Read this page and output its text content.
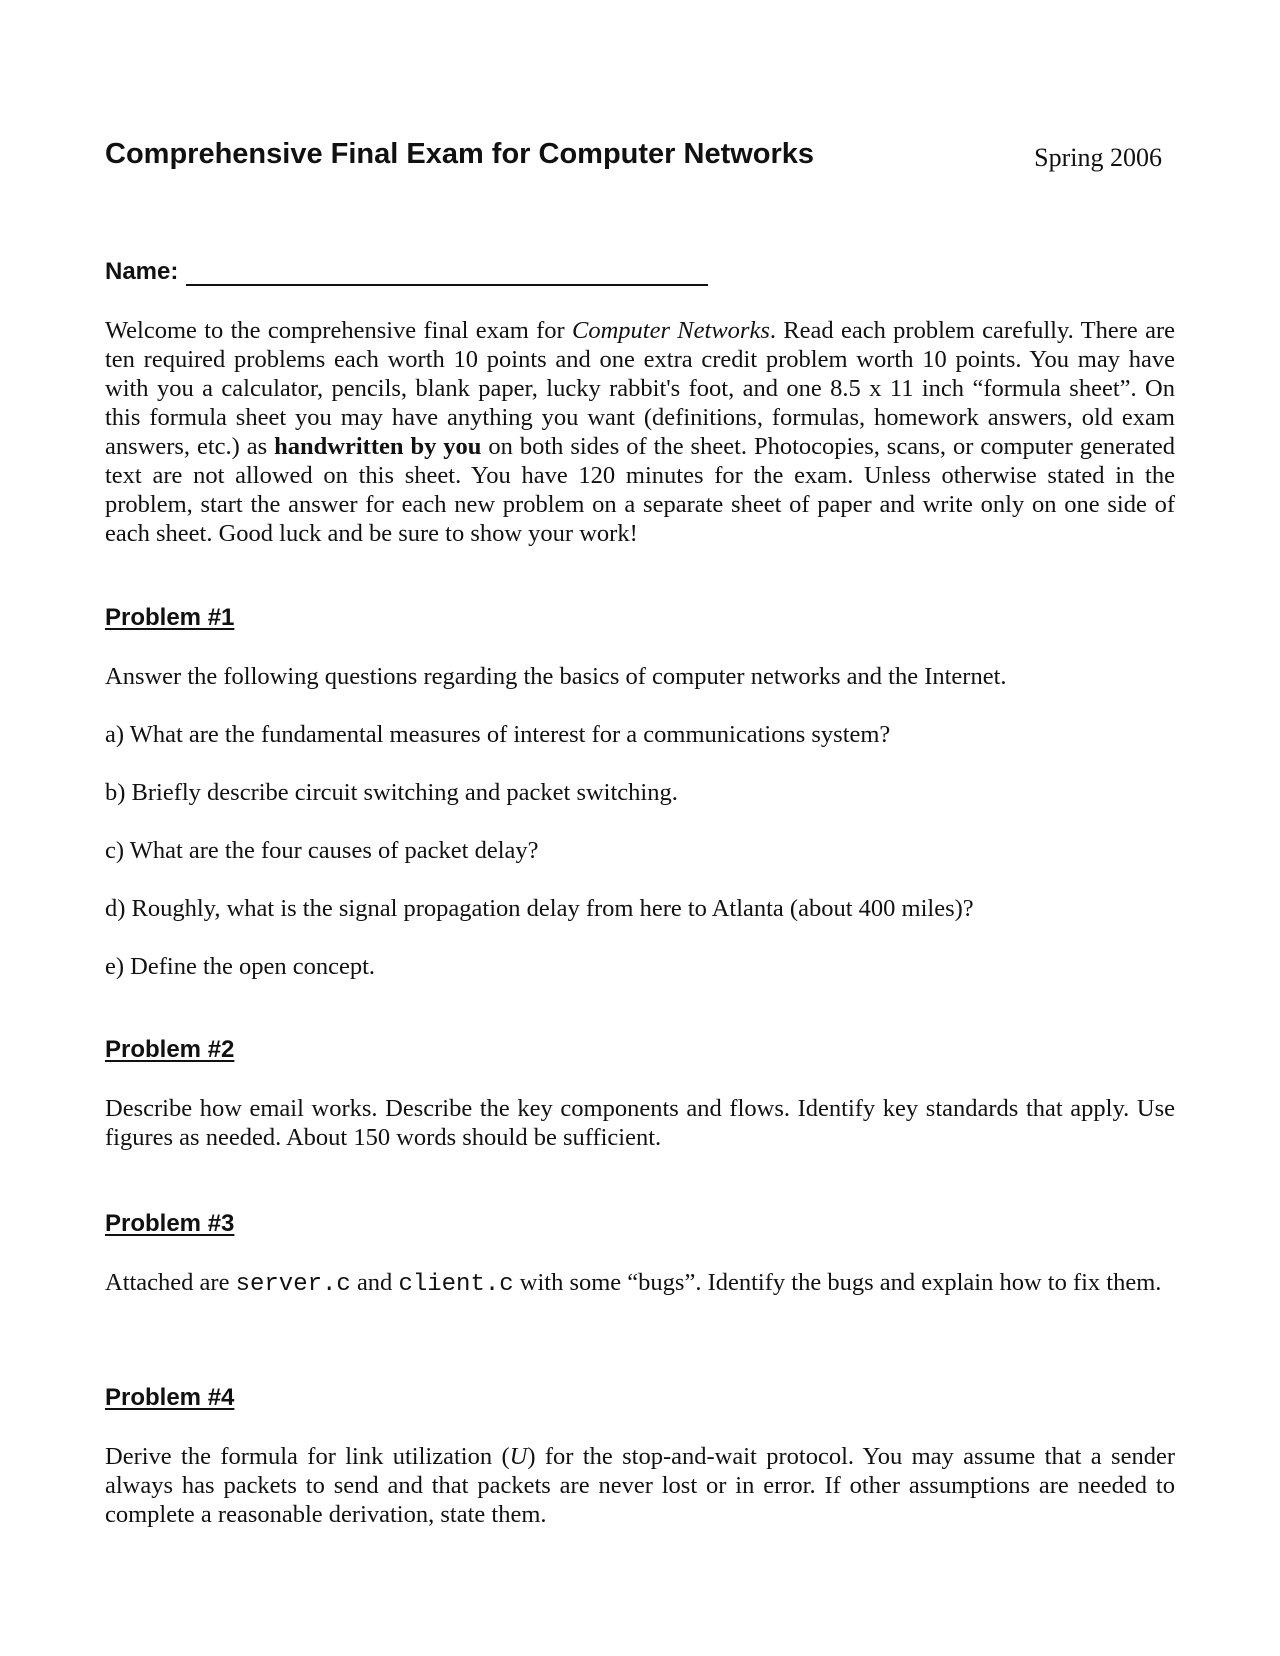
Comprehensive Final Exam for Computer Networks	Spring 2006
Name:
Welcome to the comprehensive final exam for Computer Networks. Read each problem carefully. There are ten required problems each worth 10 points and one extra credit problem worth 10 points. You may have with you a calculator, pencils, blank paper, lucky rabbit's foot, and one 8.5 x 11 inch “formula sheet”. On this formula sheet you may have anything you want (definitions, formulas, homework answers, old exam answers, etc.) as handwritten by you on both sides of the sheet. Photocopies, scans, or computer generated text are not allowed on this sheet. You have 120 minutes for the exam. Unless otherwise stated in the problem, start the answer for each new problem on a separate sheet of paper and write only on one side of each sheet. Good luck and be sure to show your work!
Problem #1
Answer the following questions regarding the basics of computer networks and the Internet.
a) What are the fundamental measures of interest for a communications system?
b) Briefly describe circuit switching and packet switching.
c) What are the four causes of packet delay?
d) Roughly, what is the signal propagation delay from here to Atlanta (about 400 miles)?
e) Define the open concept.
Problem #2
Describe how email works. Describe the key components and flows. Identify key standards that apply. Use figures as needed. About 150 words should be sufficient.
Problem #3
Attached are server.c and client.c with some “bugs”. Identify the bugs and explain how to fix them.
Problem #4
Derive the formula for link utilization (U) for the stop-and-wait protocol. You may assume that a sender always has packets to send and that packets are never lost or in error. If other assumptions are needed to complete a reasonable derivation, state them.
